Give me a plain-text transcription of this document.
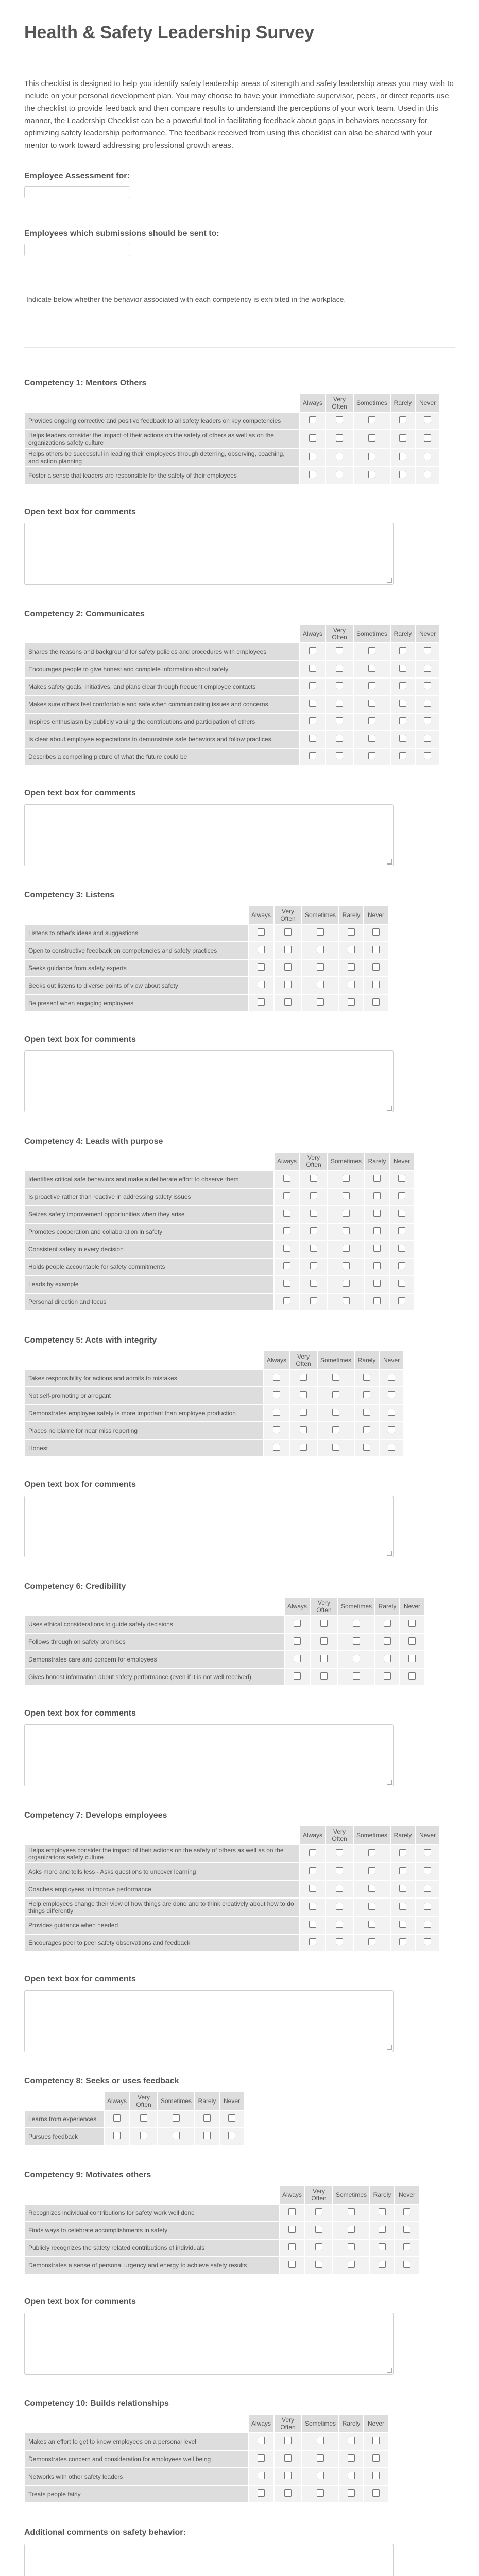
Health & Safety Leadership Survey

This checklist is designed to help you identify safety leadership areas of strength and safety leadership areas you may wish to include on your personal development plan. You may choose to have your immediate supervisor, peers, or direct reports use the checklist to provide feedback and then compare results to understand the perceptions of your work team. Used in this manner, the Leadership Checklist can be a powerful tool in facilitating feedback about gaps in behaviors necessary for optimizing safety leadership performance. The feedback received from using this checklist can also be shared with your mentor to work toward addressing professional growth areas.

Employee Assessment for:
Employees which submissions should be sent to:

Indicate below whether the behavior associated with each competency is exhibited in the workplace.

Competency 1: Mentors Others
	Always	Very Often	Sometimes	Rarely	Never
Provides ongoing corrective and positive feedback to all safety leaders on key competencies					
Helps leaders consider the impact of their actions on the safety of others as well as on the organizations safety culture					
Helps others be successful in leading their employees through deterring, observing, coaching, and action planning					
Foster a sense that leaders are responsible for the safety of their employees					
Open text box for comments
Competency 2: Communicates
	Always	Very Often	Sometimes	Rarely	Never
Shares the reasons and background for safety policies and procedures with employees					
Encourages people to give honest and complete information about safety					
Makes safety goals, initiatives, and plans clear through frequent employee contacts					
Makes sure others feel comfortable and safe when communicating issues and concerns					
Inspires enthusiasm by publicly valuing the contributions and participation of others					
Is clear about employee expectations to demonstrate safe behaviors and follow practices					
Describes a compelling picture of what the future could be					
Open text box for comments
Competency 3: Listens
	Always	Very Often	Sometimes	Rarely	Never
Listens to other's ideas and suggestions					
Open to constructive feedback on competencies and safety practices					
Seeks guidance from safety experts					
Seeks out listens to diverse points of view about safety					
Be present when engaging employees					
Open text box for comments
Competency 4: Leads with purpose
	Always	Very Often	Sometimes	Rarely	Never
Identifies critical safe behaviors and make a deliberate effort to observe them					
Is proactive rather than reactive in addressing safety issues					
Seizes safety improvement opportunities when they arise					
Promotes cooperation and collaboration in safety					
Consistent safety in every decision					
Holds people accountable for safety commitments					
Leads by example					
Personal direction and focus					
Competency 5: Acts with integrity
	Always	Very Often	Sometimes	Rarely	Never
Takes responsibility for actions and admits to mistakes					
Not self-promoting or arrogant					
Demonstrates employee safety is more important than employee production					
Places no blame for near miss reporting					
Honest					
Open text box for comments
Competency 6: Credibility
	Always	Very Often	Sometimes	Rarely	Never
Uses ethical considerations to guide safety decisions					
Follows through on safety promises					
Demonstrates care and concern for employees					
Gives honest information about safety performance (even if it is not well received)					
Open text box for comments
Competency 7: Develops employees
	Always	Very Often	Sometimes	Rarely	Never
Helps employees consider the impact of their actions on the safety of others as well as on the organizations safety culture					
Asks more and tells less - Asks questions to uncover learning					
Coaches employees to improve performance					
Help employees change their view of how things are done and to think creatively about how to do things differently					
Provides guidance when needed					
Encourages peer to peer safety observations and feedback					
Open text box for comments
Competency 8: Seeks or uses feedback
	Always	Very Often	Sometimes	Rarely	Never
Learns from experiences					
Pursues feedback					
Competency 9: Motivates others
	Always	Very Often	Sometimes	Rarely	Never
Recognizes individual contributions for safety work well done					
Finds ways to celebrate accomplishments in safety					
Publicly recognizes the safety related contributions of individuals					
Demonstrates a sense of personal urgency and energy to achieve safety results					
Open text box for comments
Competency 10: Builds relationships
	Always	Very Often	Sometimes	Rarely	Never
Makes an effort to get to know employees on a personal level					
Demonstrates concern and consideration for employees well being					
Networks with other safety leaders					
Treats people fairly					
Additional comments on safety behavior:
